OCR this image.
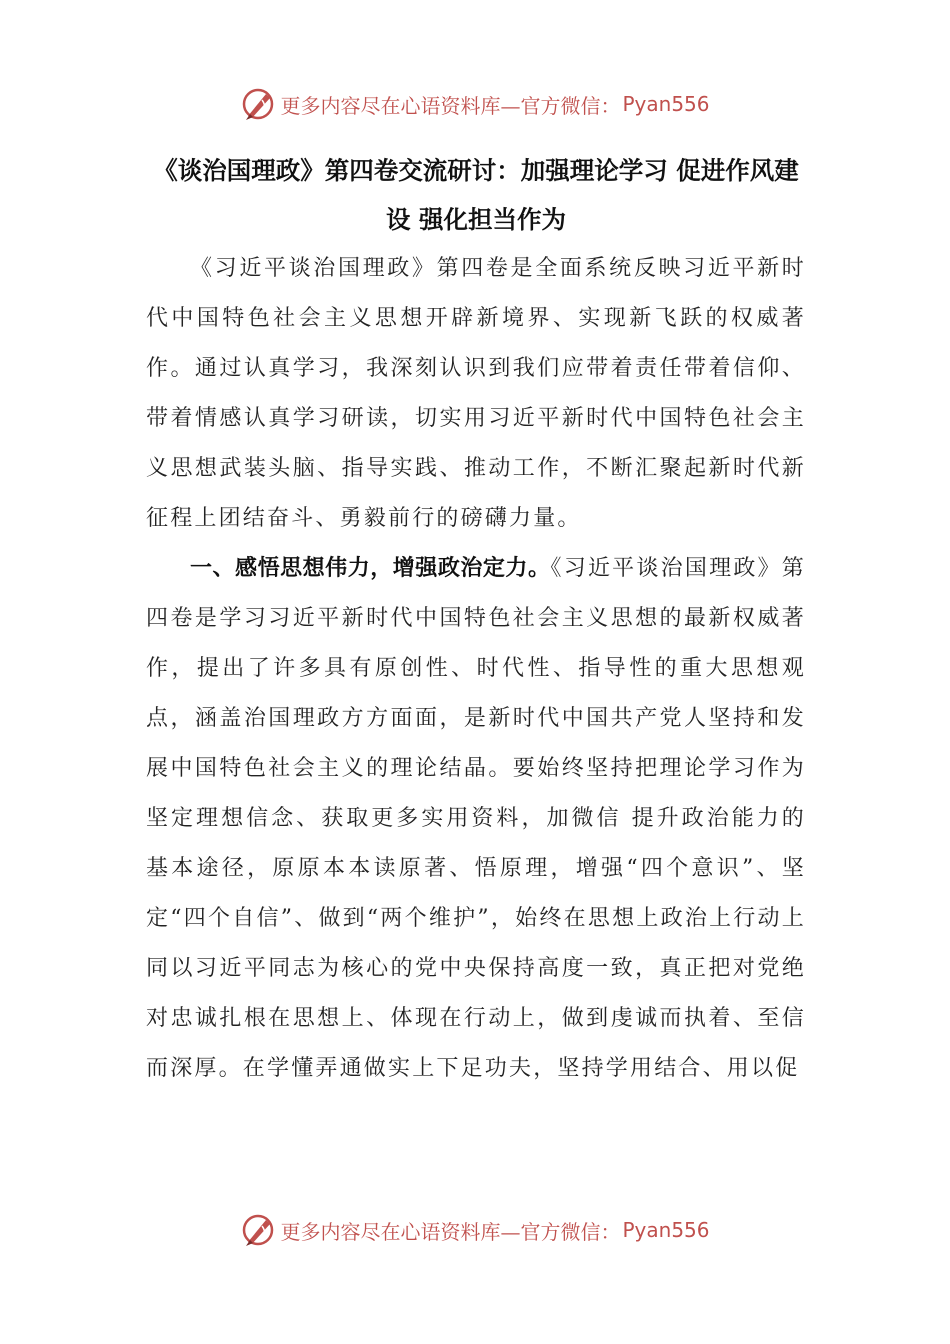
更多内容尽在心语资料库—官方微信： Pyan556
《谈治国理政》第四卷交流研讨：加强理论学习 促进作风建设 强化担当作为

《习近平谈治国理政》第四卷是全面系统反映习近平新时代中国特色社会主义思想开辟新境界、实现新飞跃的权威著作。通过认真学习，我深刻认识到我们应带着责任带着信仰、带着情感认真学习研读，切实用习近平新时代中国特色社会主义思想武装头脑、指导实践、推动工作，不断汇聚起新时代新征程上团结奋斗、勇毅前行的磅礴力量。

一、感悟思想伟力，增强政治定力。《习近平谈治国理政》第四卷是学习习近平新时代中国特色社会主义思想的最新权威著作，提出了许多具有原创性、时代性、指导性的重大思想观点，涵盖治国理政方方面面，是新时代中国共产党人坚持和发展中国特色社会主义的理论结晶。要始终坚持把理论学习作为坚定理想信念、获取更多实用资料，加微信 提升政治能力的基本途径，原原本本读原著、悟原理，增强“四个意识”、坚定“四个自信”、做到“两个维护”，始终在思想上政治上行动上同以习近平同志为核心的党中央保持高度一致，真正把对党绝对忠诚扎根在思想上、体现在行动上，做到虔诚而执着、至信而深厚。在学懂弄通做实上下足功夫，坚持学用结合、用以促

更多内容尽在心语资料库—官方微信： Pyan556
